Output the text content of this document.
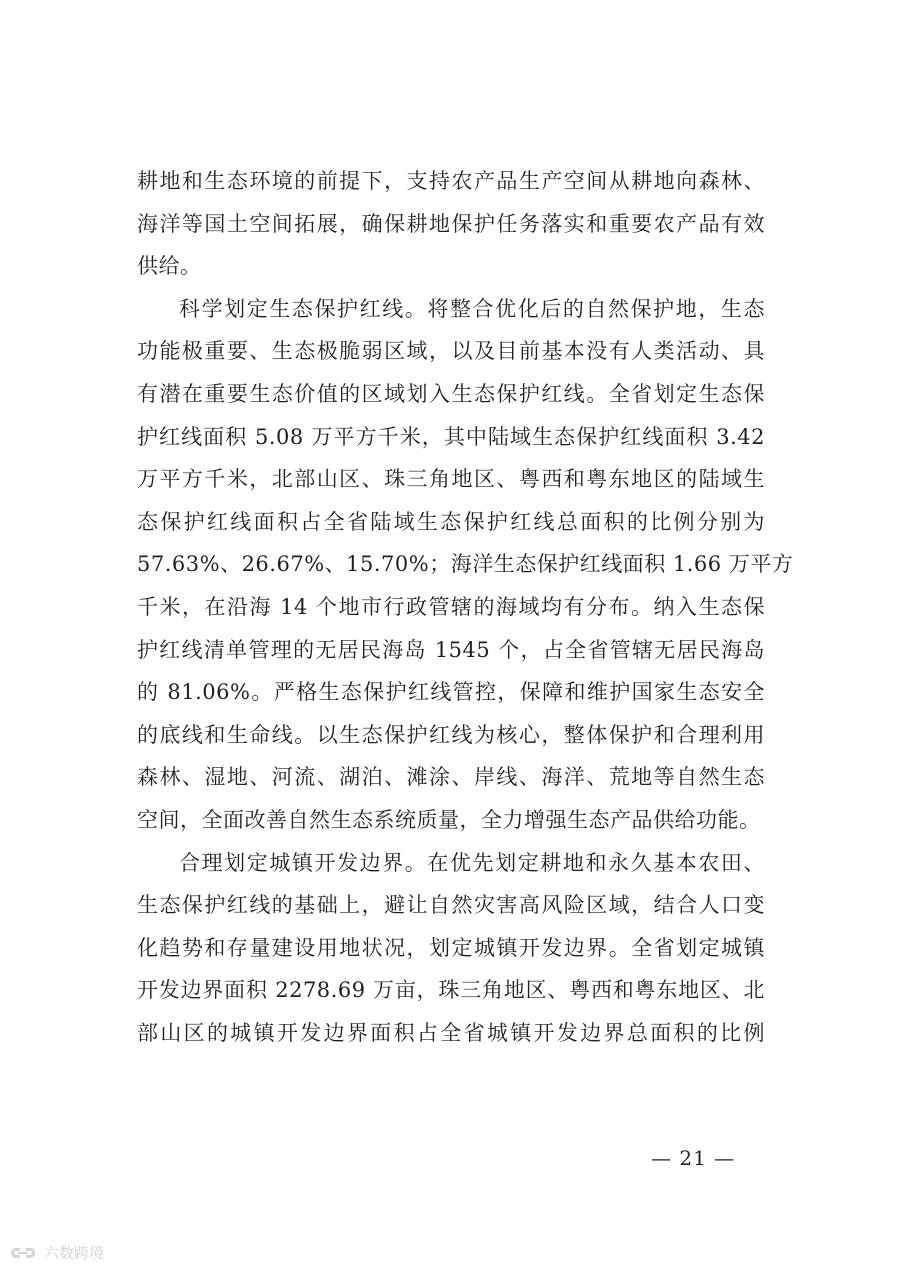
耕地和生态环境的前提下，支持农产品生产空间从耕地向森林、
海洋等国土空间拓展，确保耕地保护任务落实和重要农产品有效
供给。
科学划定生态保护红线。将整合优化后的自然保护地，生态
功能极重要、生态极脆弱区域，以及目前基本没有人类活动、具
有潜在重要生态价值的区域划入生态保护红线。全省划定生态保
护红线面积 5.08 万平方千米，其中陆域生态保护红线面积 3.42
万平方千米，北部山区、珠三角地区、粤西和粤东地区的陆域生
态保护红线面积占全省陆域生态保护红线总面积的比例分别为
57.63%、26.67%、15.70%；海洋生态保护红线面积 1.66 万平方
千米，在沿海 14 个地市行政管辖的海域均有分布。纳入生态保
护红线清单管理的无居民海岛 1545 个，占全省管辖无居民海岛
的 81.06%。严格生态保护红线管控，保障和维护国家生态安全
的底线和生命线。以生态保护红线为核心，整体保护和合理利用
森林、湿地、河流、湖泊、滩涂、岸线、海洋、荒地等自然生态
空间，全面改善自然生态系统质量，全力增强生态产品供给功能。
合理划定城镇开发边界。在优先划定耕地和永久基本农田、
生态保护红线的基础上，避让自然灾害高风险区域，结合人口变
化趋势和存量建设用地状况，划定城镇开发边界。全省划定城镇
开发边界面积 2278.69 万亩，珠三角地区、粤西和粤东地区、北
部山区的城镇开发边界面积占全省城镇开发边界总面积的比例
— 21 —
六数跨境
